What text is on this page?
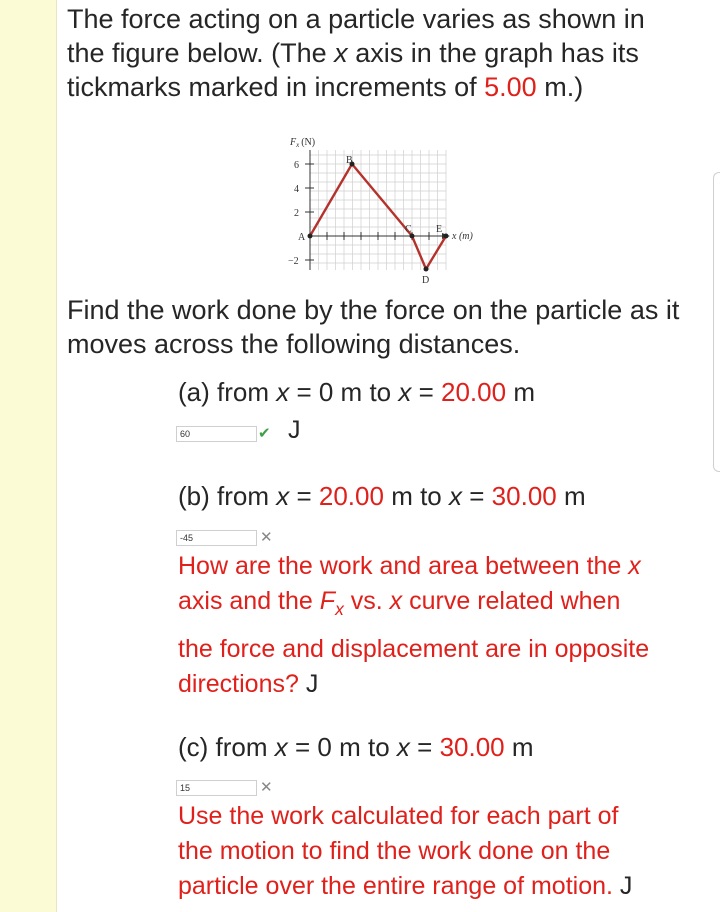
The force acting on a particle varies as shown in
the figure below. (The x axis in the graph has its
tickmarks marked in increments of 5.00 m.)
$F_x$ (N)
6
4
2
−2
A
B
C
D
E
x (m)
Find the work done by the force on the particle as it
moves across the following distances.
(a) from x = 0 m to x = 20.00 m
60	✔ J
(b) from x = 20.00 m to x = 30.00 m
-45	✕
How are the work and area between the x
axis and the $F_x$ vs. x curve related when
the force and displacement are in opposite
directions? J
(c) from x = 0 m to x = 30.00 m
15	✕
Use the work calculated for each part of
the motion to find the work done on the
particle over the entire range of motion. J
